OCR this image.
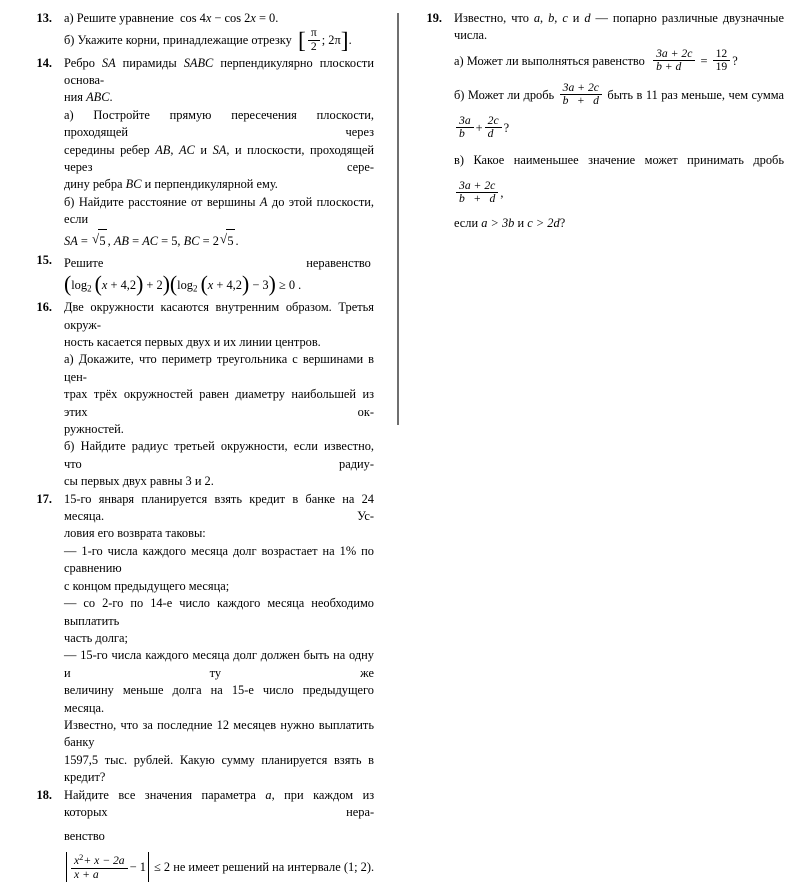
13. а) Решите уравнение cos 4x − cos 2x = 0.
б) Укажите корни, принадлежащие отрезку [ $\frac{\pi}{2}$ ; 2π].
14. Ребро SA пирамиды SABC перпендикулярно плоскости основа-
ния ABC.
а) Постройте прямую пересечения плоскости, проходящей через
середины ребер AB, AC и SA, и плоскости, проходящей через сере-
дину ребра BC и перпендикулярной ему.
б) Найдите расстояние от вершины A до этой плоскости, если
SA = √ 5 , AB = AC = 5, BC = 2 √ 5 .
15. Решите неравенство  ($\log_2$ $(x + 4,2) + 2)(\log_2$ (x + 4,2) − 3) ≥ 0 .
16. Две окружности касаются внутренним образом. Третья окруж-
ность касается первых двух и их линии центров.
а) Докажите, что периметр треугольника с вершинами в цен-
трах трёх окружностей равен диаметру наибольшей из этих ок-
ружностей.
б) Найдите радиус третьей окружности, если известно, что радиу-
сы первых двух равны 3 и 2.
17. 15-го января планируется взять кредит в банке на 24 месяца. Ус-
ловия его возврата таковы:
— 1-го числа каждого месяца долг возрастает на 1% по сравнению
с концом предыдущего месяца;
— со 2-го по 14-е число каждого месяца необходимо выплатить
часть долга;
— 15-го числа каждого месяца долг должен быть на одну и ту же
величину меньше долга на 15-е число предыдущего месяца.
Известно, что за последние 12 месяцев нужно выплатить банку
1597,5 тыс. рублей. Какую сумму планируется взять в кредит?
18. Найдите все значения параметра a, при каждом из которых нера-
венство
$\frac{x^2+ x - 2a}{x + a} - 1 \le 2$ не имеет решений на интервале (1; 2).
19. Известно, что a, b, c и d — попарно различные двузначные числа.
а) Может ли выполняться равенство $\frac{3a + 2c}{b + d} = \frac{12}{19}$ ?
б) Может ли дробь $\frac{3a + 2c}{b + d}$ быть в 11 раз меньше, чем сумма
$\frac{3a}{b} + \frac{2c}{d}$ ?
в) Какое наименьшее значение может принимать дробь
$\frac{3a + 2c}{b + d}$ ,
если a > 3b и c > 2d?
